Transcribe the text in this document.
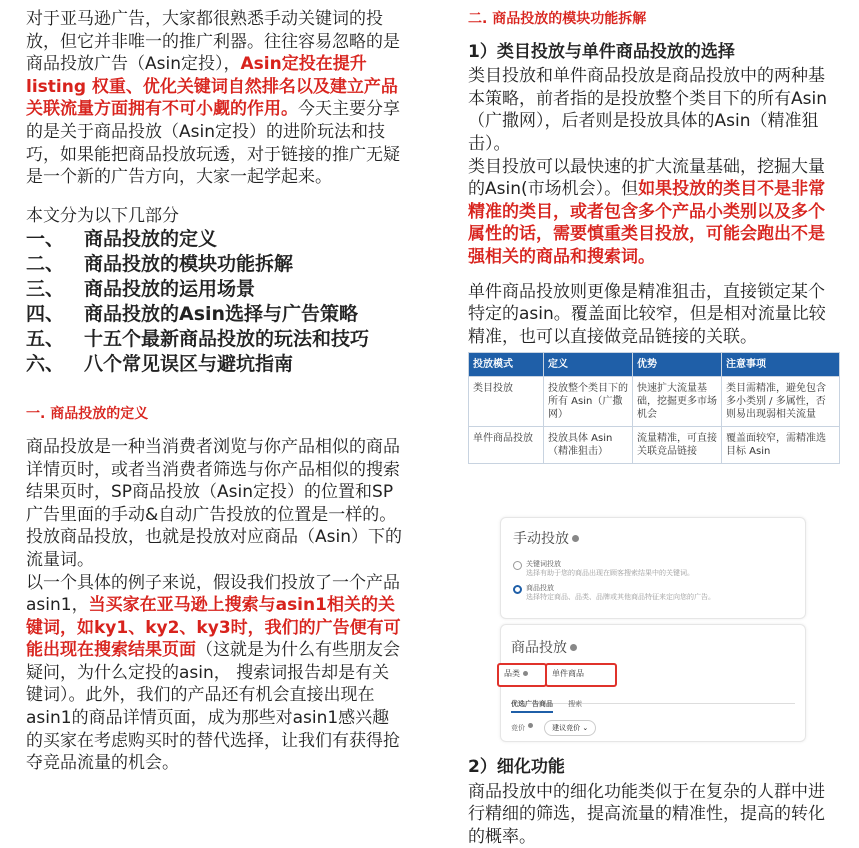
对于亚马逊广告，大家都很熟悉手动关键词的投放，但它并非唯一的推广利器。往往容易忽略的是商品投放广告（Asin定投），Asin定投在提升 listing 权重、优化关键词自然排名以及建立产品关联流量方面拥有不可小觑的作用。今天主要分享的是关于商品投放（Asin定投）的进阶玩法和技巧，如果能把商品投放玩透，对于链接的推广无疑是一个新的广告方向，大家一起学起来。

本文分为以下几部分

一、	商品投放的定义
二、	商品投放的模块功能拆解
三、	商品投放的运用场景
四、	商品投放的Asin选择与广告策略
五、	十五个最新商品投放的玩法和技巧
六、	八个常见误区与避坑指南
一. 商品投放的定义

商品投放是一种当消费者浏览与你产品相似的商品详情页时，或者当消费者筛选与你产品相似的搜索结果页时，SP商品投放（Asin定投）的位置和SP广告里面的手动&自动广告投放的位置是一样的。投放商品投放，也就是投放对应商品（Asin）下的流量词。

以一个具体的例子来说，假设我们投放了一个产品asin1，当买家在亚马逊上搜索与asin1相关的关键词，如ky1、ky2、ky3时，我们的广告便有可能出现在搜索结果页面（这就是为什么有些朋友会疑问，为什么定投的asin， 搜索词报告却是有关键词）。此外，我们的产品还有机会直接出现在asin1的商品详情页面，成为那些对asin1感兴趣的买家在考虑购买时的替代选择，让我们有获得抢夺竞品流量的机会。

二. 商品投放的模块功能拆解
1）类目投放与单件商品投放的选择

类目投放和单件商品投放是商品投放中的两种基本策略，前者指的是投放整个类目下的所有Asin（广撒网），后者则是投放具体的Asin（精准狙击）。

类目投放可以最快速的扩大流量基础，挖掘大量的Asin(市场机会）。但如果投放的类目不是非常精准的类目，或者包含多个产品小类别以及多个属性的话，需要慎重类目投放，可能会跑出不是强相关的商品和搜索词。

单件商品投放则更像是精准狙击，直接锁定某个特定的asin。覆盖面比较窄，但是相对流量比较精准，也可以直接做竞品链接的关联。

投放模式	定义	优势	注意事项
类目投放	投放整个类目下的所有 Asin（广撒网）	快速扩大流量基础，挖掘更多市场机会	类目需精准，避免包含多小类别 / 多属性，否则易出现弱相关流量
单件商品投放	投放具体 Asin（精准狙击）	流量精准，可直接关联竞品链接	覆盖面较窄，需精准选目标 Asin
手动投放
关键词投放
选择有助于您的商品出现在顾客搜索结果中的关键词。
商品投放
选择特定商品、品类、品牌或其他商品特征来定向您的广告。
商品投放
品类	单件商品
优选广告商品 搜索
竞价	建议竞价 ⌄
2）细化功能

商品投放中的细化功能类似于在复杂的人群中进行精细的筛选，提高流量的精准性，提高的转化的概率。
